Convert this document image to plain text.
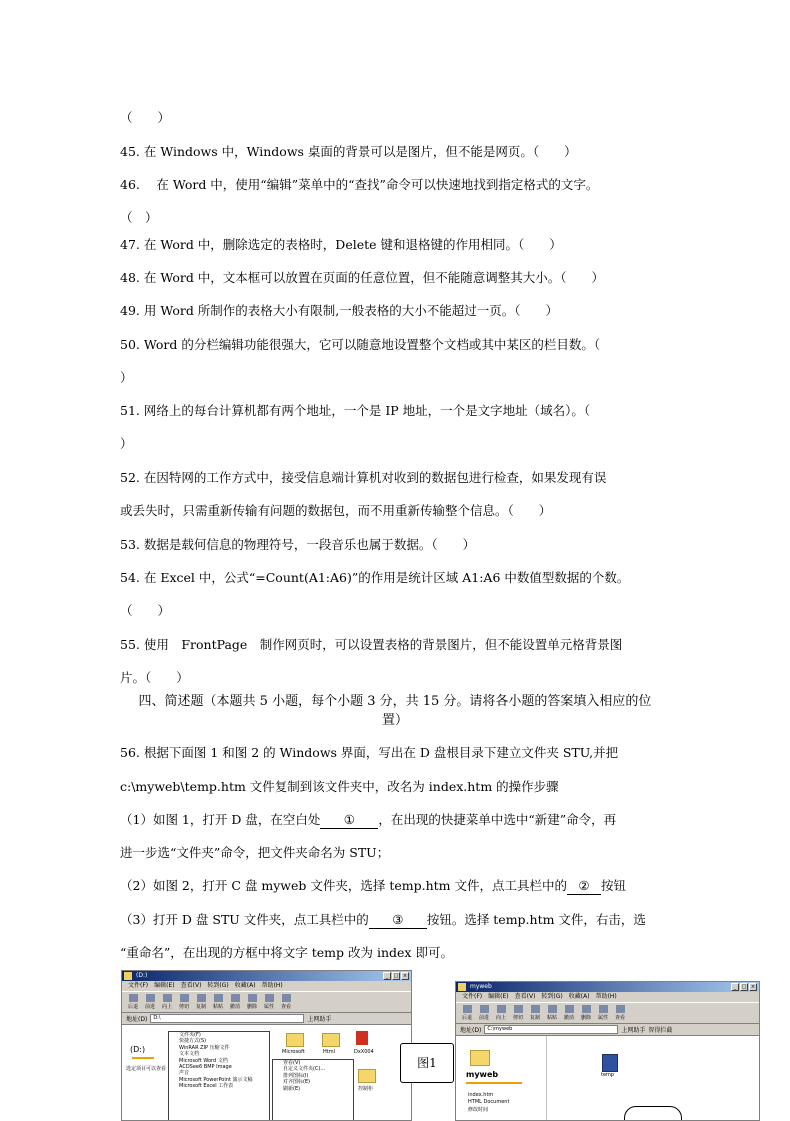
（　　）
45. 在 Windows 中，Windows 桌面的背景可以是图片，但不能是网页。（　　）
46.　 在 Word 中，使用“编辑”菜单中的“查找”命令可以快速地找到指定格式的文字。
（　）
47. 在 Word 中，删除选定的表格时，Delete 键和退格键的作用相同。（　　）
48. 在 Word 中，文本框可以放置在页面的任意位置，但不能随意调整其大小。（　　）
49. 用 Word 所制作的表格大小有限制,一般表格的大小不能超过一页。（　　）
50. Word 的分栏编辑功能很强大，它可以随意地设置整个文档或其中某区的栏目数。（
）
51. 网络上的每台计算机都有两个地址，一个是 IP 地址，一个是文字地址（域名）。（
）
52. 在因特网的工作方式中，接受信息端计算机对收到的数据包进行检查，如果发现有误
或丢失时，只需重新传输有问题的数据包，而不用重新传输整个信息。（　　）
53. 数据是载何信息的物理符号，一段音乐也属于数据。（　　）
54. 在 Excel 中，公式“=Count(A1:A6)”的作用是统计区域 A1:A6 中数值型数据的个数。
（　　）
55. 使用　FrontPage　制作网页时，可以设置表格的背景图片，但不能设置单元格背景图
片。（　　）
四、简述题（本题共 5 小题，每个小题 3 分，共 15 分。请将各小题的答案填入相应的位
置）
56. 根据下面图 1 和图 2 的 Windows 界面，写出在 D 盘根目录下建立文件夹 STU,并把
c:\myweb\temp.htm 文件复制到该文件夹中，改名为 index.htm 的操作步骤
（1）如图 1，打开 D 盘，在空白处 ① ，在出现的快捷菜单中选中“新建”命令，再
进一步选“文件夹”命令，把文件夹命名为 STU；
（2）如图 2，打开 C 盘 myweb 文件夹，选择 temp.htm 文件，点工具栏中的 ② 按钮
（3）打开 D 盘 STU 文件夹，点工具栏中的 ③ 按钮。选择 temp.htm 文件，右击，选
“重命名”，在出现的方框中将文字 temp 改为 index 即可。
(D:)	_	□ ×
文件(F) 编辑(E) 查看(V) 转到(G) 收藏(A) 帮助(H)
后退 前进 向上 剪切 复制 粘贴 撤消 删除 属性 查看
地址(D)	D:\	上网助手
(D:)
选定项目可以查看
文件夹(F)
快捷方式(S)
WinRAR ZIP 压缩文件
文本文档
Microsoft Word 文档
ACDSee6 BMP Image
声音
Microsoft PowerPoint 演示文稿
Microsoft Excel 工作表
查看(V)
自定义文件夹(C)...
排列图标(I)
对齐图标(E)
刷新(E)
Microsoft	Html	DxX004
控制柜
图1
myweb	_	□ ×
文件(F) 编辑(E) 查看(V) 转到(G) 收藏(A) 帮助(H)
后退 前进 向上 剪切 复制 粘贴 撤消 删除 属性 查看
地址(D)	C:\myweb	上网助手 智得拦截
myweb
index.htm
HTML Document
修改时间
temp
